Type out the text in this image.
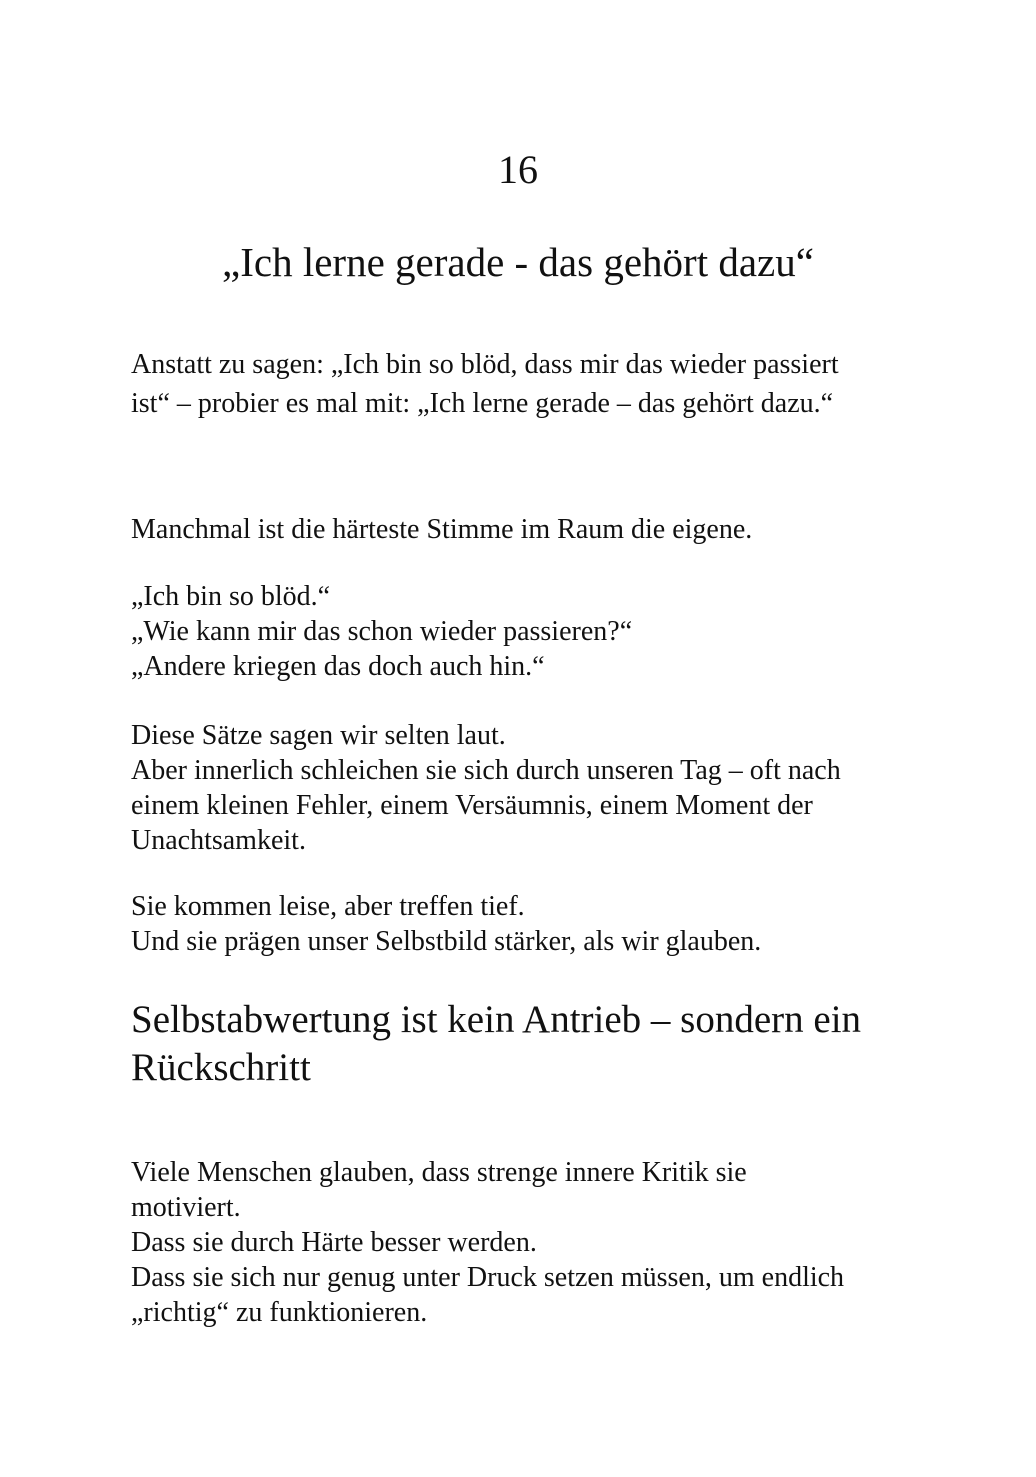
16
„Ich lerne gerade - das gehört dazu“

Anstatt zu sagen: „Ich bin so blöd, dass mir das wieder passiert
ist“ – probier es mal mit: „Ich lerne gerade – das gehört dazu.“

Manchmal ist die härteste Stimme im Raum die eigene.

„Ich bin so blöd.“
„Wie kann mir das schon wieder passieren?“
„Andere kriegen das doch auch hin.“

Diese Sätze sagen wir selten laut.
Aber innerlich schleichen sie sich durch unseren Tag – oft nach
einem kleinen Fehler, einem Versäumnis, einem Moment der
Unachtsamkeit.

Sie kommen leise, aber treffen tief.
Und sie prägen unser Selbstbild stärker, als wir glauben.

Selbstabwertung ist kein Antrieb – sondern ein
Rückschritt

Viele Menschen glauben, dass strenge innere Kritik sie
motiviert.
Dass sie durch Härte besser werden.
Dass sie sich nur genug unter Druck setzen müssen, um endlich
„richtig“ zu funktionieren.
